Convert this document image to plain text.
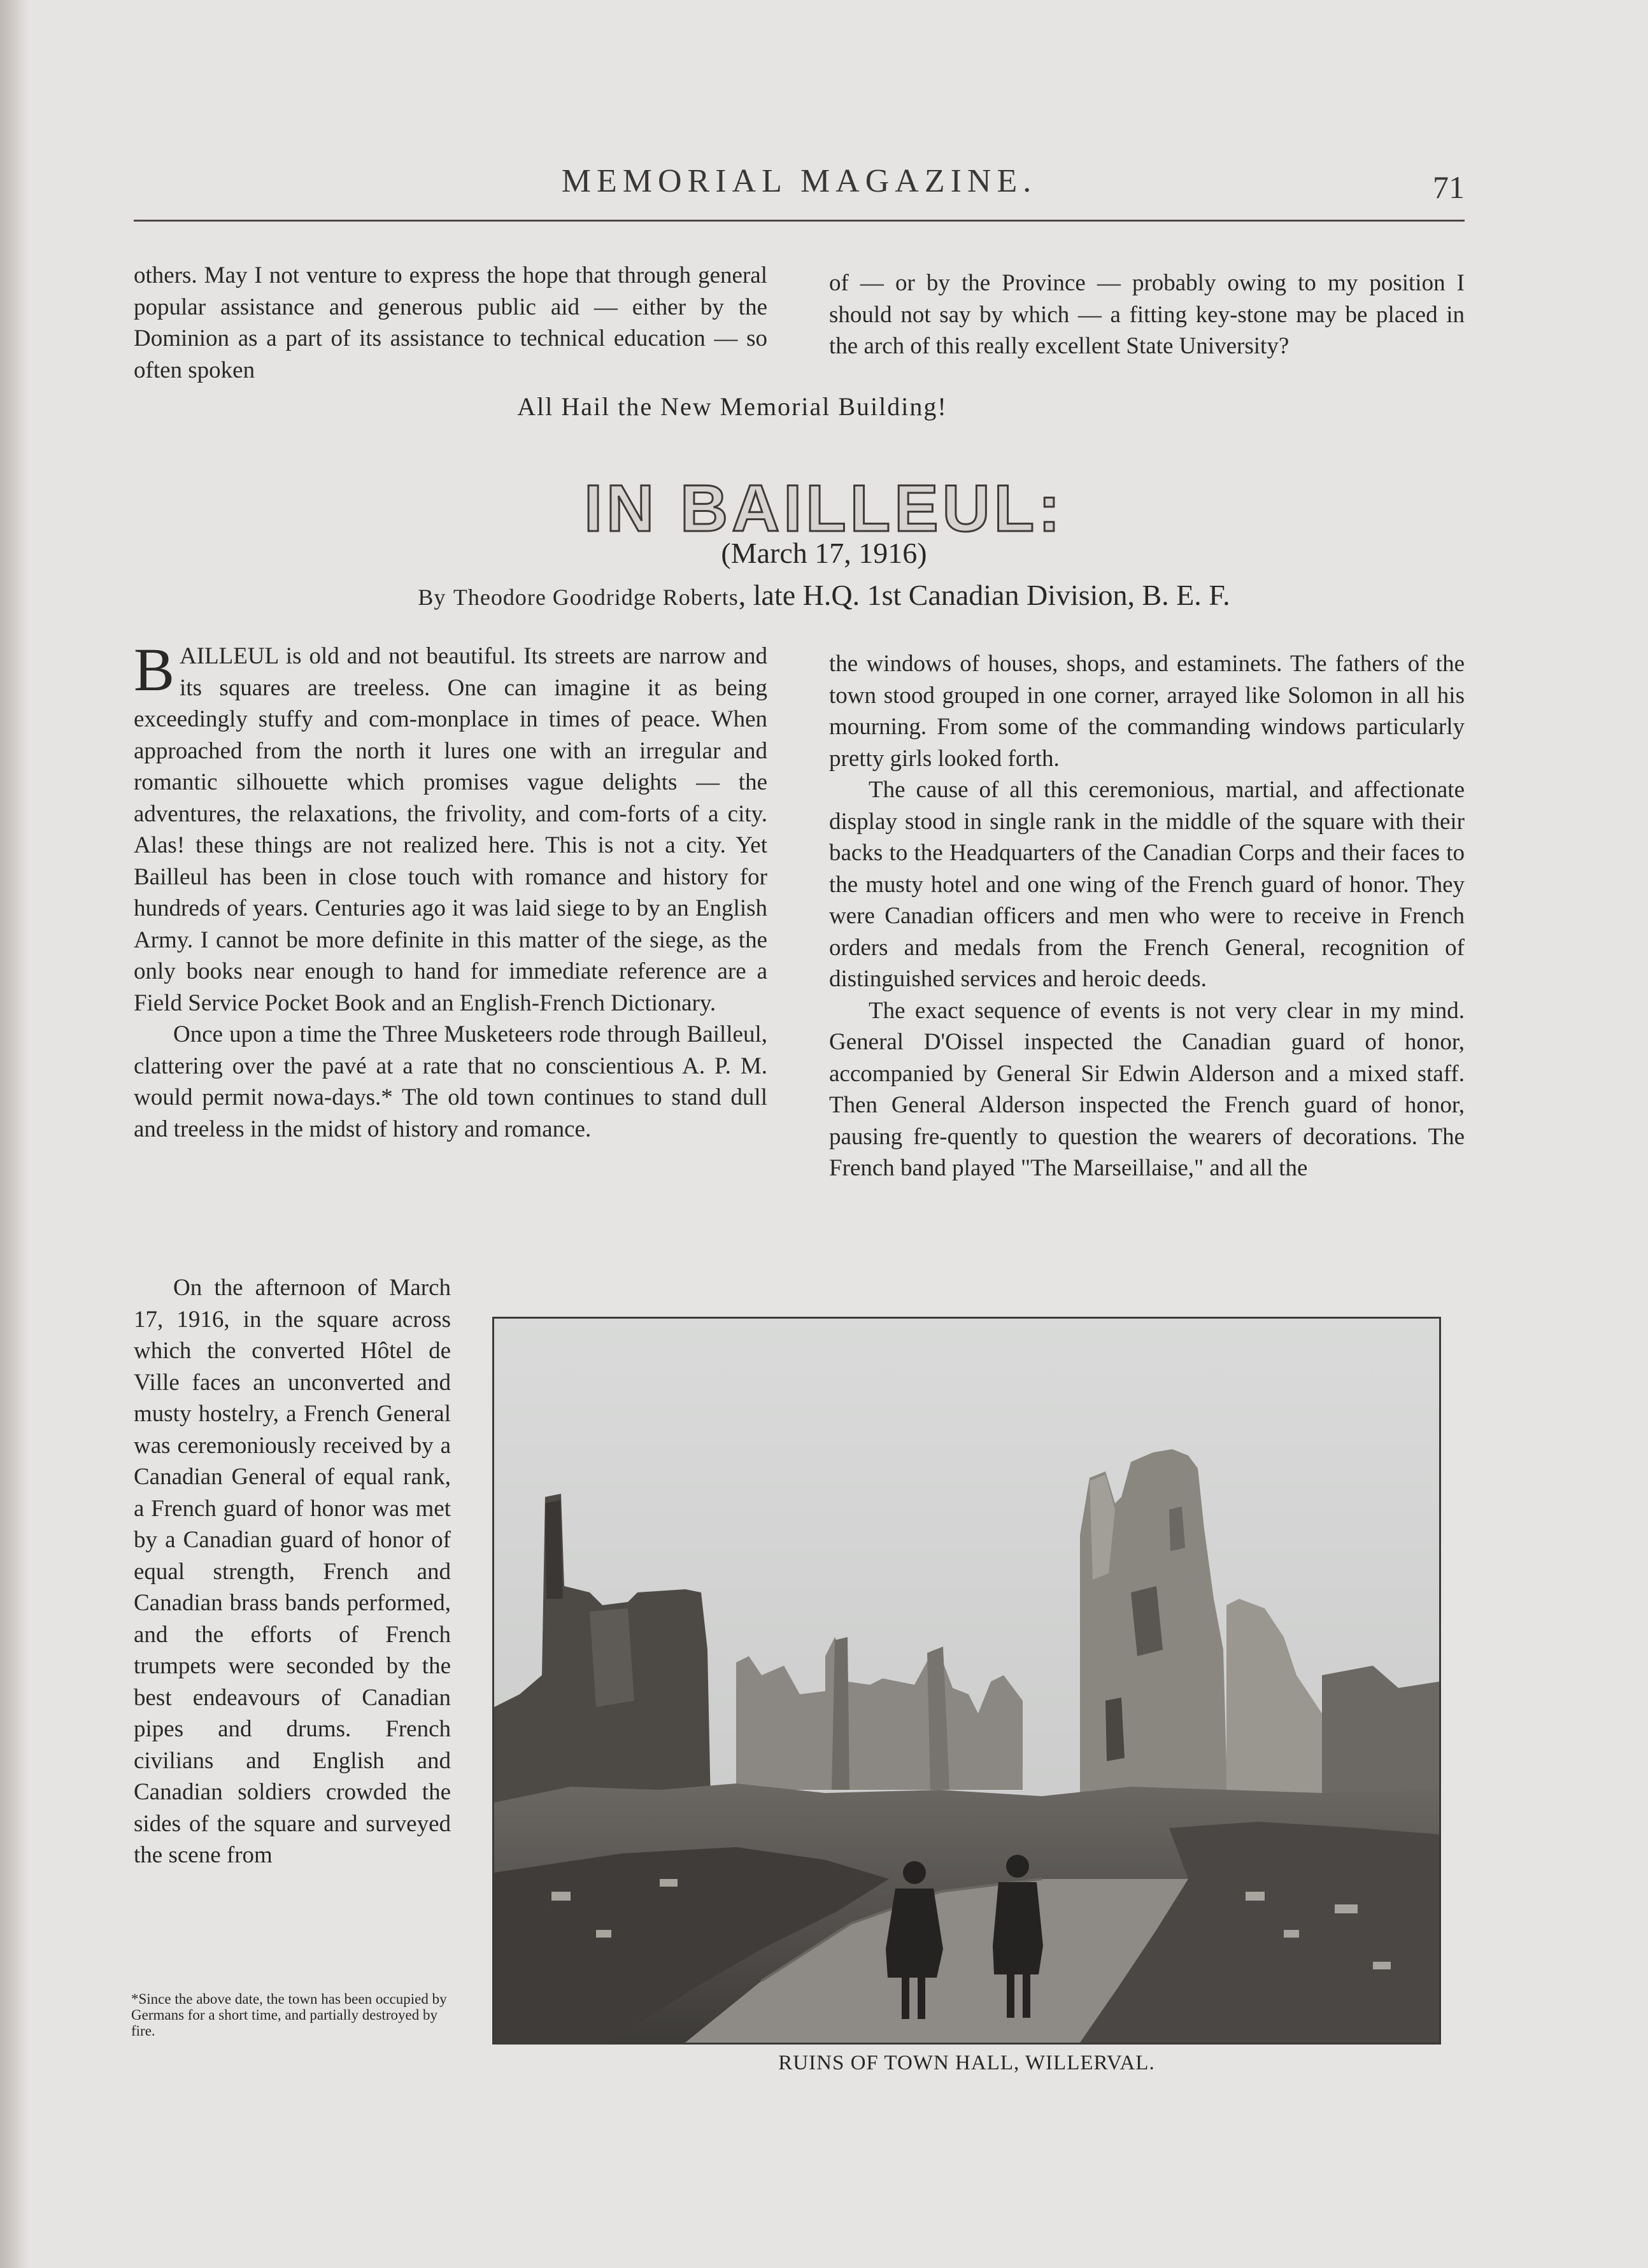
MEMORIAL MAGAZINE.	71

others. May I not venture to express the hope that through general popular assistance and generous public aid — either by the Dominion as a part of its assistance to technical education — so often spoken

of — or by the Province — probably owing to my position I should not say by which — a fitting key-stone may be placed in the arch of this really excellent State University?

All Hail the New Memorial Building!
IN BAILLEUL:
(March 17, 1916)
By Theodore Goodridge Roberts, late H.Q. 1st Canadian Division, B. E. F.

BAILLEUL is old and not beautiful. Its streets are narrow and its squares are treeless. One can imagine it as being exceedingly stuffy and com-monplace in times of peace. When approached from the north it lures one with an irregular and romantic silhouette which promises vague delights — the adventures, the relaxations, the frivolity, and com-forts of a city. Alas! these things are not realized here. This is not a city. Yet Bailleul has been in close touch with romance and history for hundreds of years. Centuries ago it was laid siege to by an English Army. I cannot be more definite in this matter of the siege, as the only books near enough to hand for immediate reference are a Field Service Pocket Book and an English-French Dictionary.

Once upon a time the Three Musketeers rode through Bailleul, clattering over the pavé at a rate that no conscientious A. P. M. would permit nowa-days.* The old town continues to stand dull and treeless in the midst of history and romance.

On the afternoon of March 17, 1916, in the square across which the converted Hôtel de Ville faces an unconverted and musty hostelry, a French General was ceremoniously received by a Canadian General of equal rank, a French guard of honor was met by a Canadian guard of honor of equal strength, French and Canadian brass bands performed, and the efforts of French trumpets were seconded by the best endeavours of Canadian pipes and drums. French civilians and English and Canadian soldiers crowded the sides of the square and surveyed the scene from

*Since the above date, the town has been occupied by Germans for a short time, and partially destroyed by fire.

the windows of houses, shops, and estaminets. The fathers of the town stood grouped in one corner, arrayed like Solomon in all his mourning. From some of the commanding windows particularly pretty girls looked forth.

The cause of all this ceremonious, martial, and affectionate display stood in single rank in the middle of the square with their backs to the Headquarters of the Canadian Corps and their faces to the musty hotel and one wing of the French guard of honor. They were Canadian officers and men who were to receive in French orders and medals from the French General, recognition of distinguished services and heroic deeds.

The exact sequence of events is not very clear in my mind. General D'Oissel inspected the Canadian guard of honor, accompanied by General Sir Edwin Alderson and a mixed staff. Then General Alderson inspected the French guard of honor, pausing fre-quently to question the wearers of decorations. The French band played "The Marseillaise," and all the

RUINS OF TOWN HALL, WILLERVAL.
